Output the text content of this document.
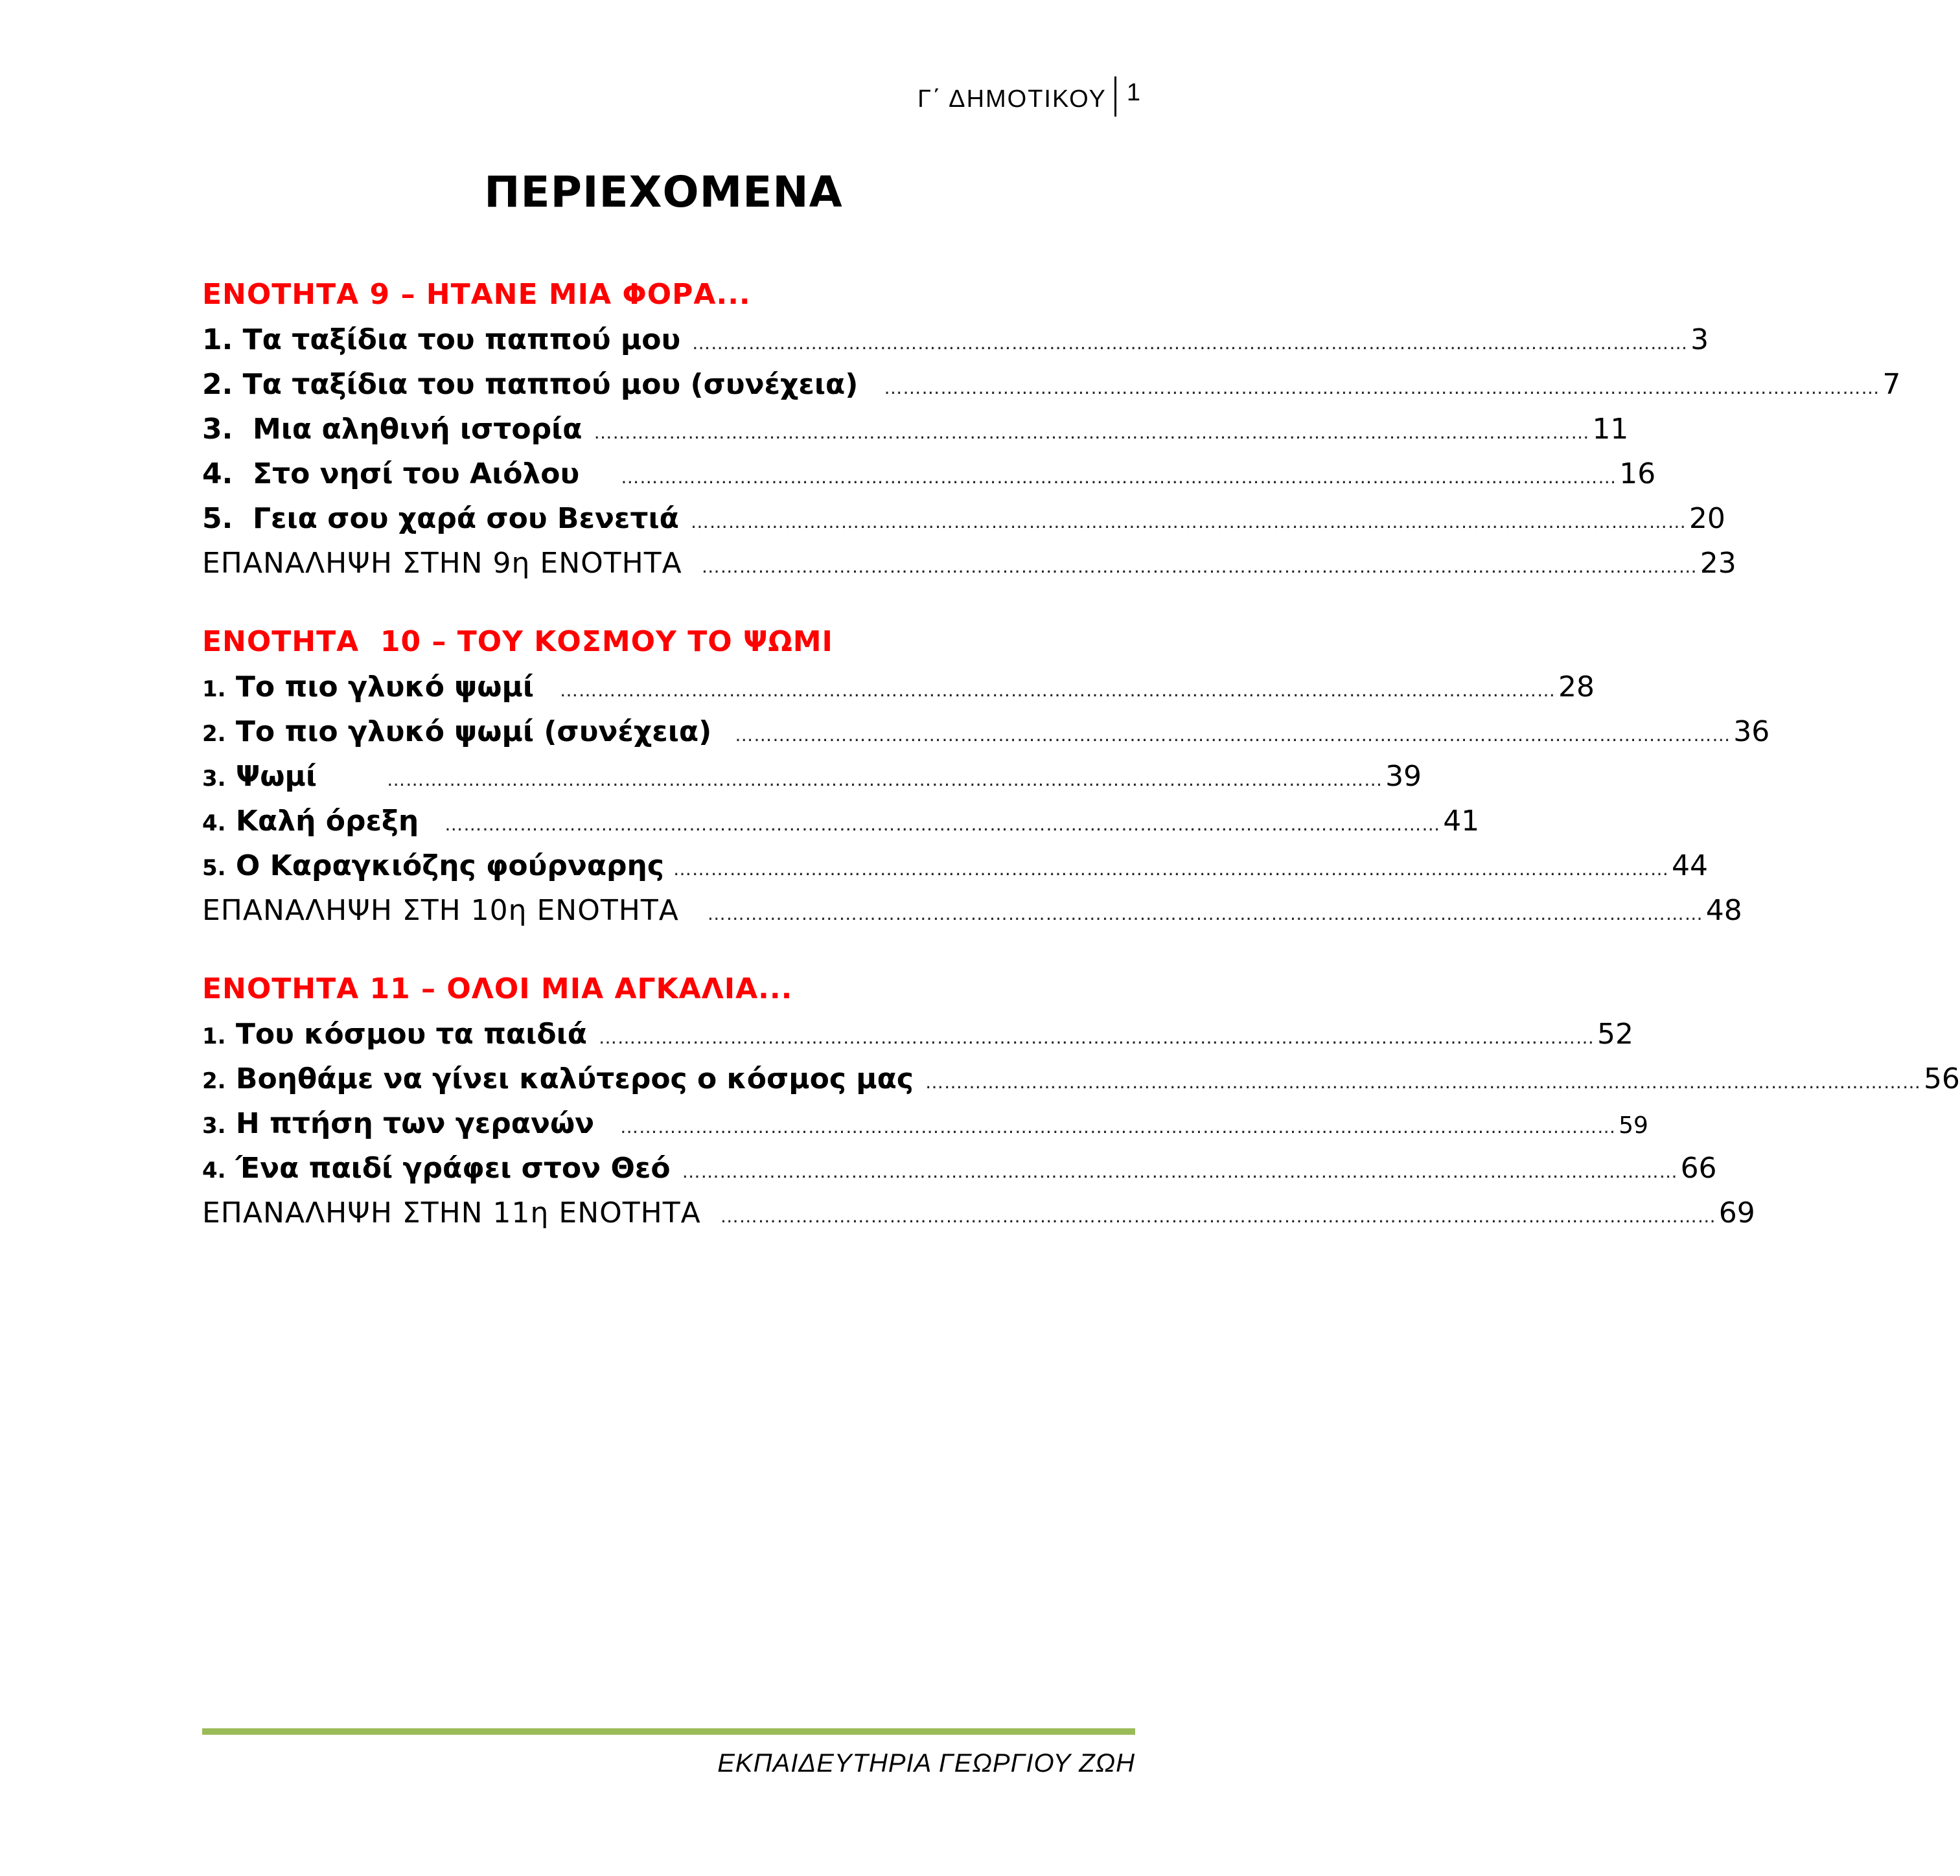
Γ΄ ΔΗΜΟΤΙΚΟΥ 1
ΠΕΡΙΕΧΟΜΕΝΑ
ΕΝΟΤΗΤΑ 9 – ΗΤΑΝΕ ΜΙΑ ΦΟΡΑ...
1.
Τα ταξίδια του παππού μου …………………………………………………………………………………………………………………………………………… 3
2.
Τα ταξίδια του παππού μου (συνέχεια) …………………………………………………………………………………………………………………………………………… 7
3.
Μια αληθινή ιστορία …………………………………………………………………………………………………………………………………………… 11
4.
Στο νησί του Αιόλου …………………………………………………………………………………………………………………………………………… 16
5.
Γεια σου χαρά σου Βενετιά …………………………………………………………………………………………………………………………………………… 20
ΕΠΑΝΑΛΗΨΗ ΣΤΗΝ 9η ΕΝΟΤΗΤΑ …………………………………………………………………………………………………………………………………………… 23
ΕΝΟΤΗΤΑ  10 – ΤΟΥ ΚΟΣΜΟΥ ΤΟ ΨΩΜΙ
1.
Το πιο γλυκό ψωμί …………………………………………………………………………………………………………………………………………… 28
2.
Το πιο γλυκό ψωμί (συνέχεια) …………………………………………………………………………………………………………………………………………… 36
3.
Ψωμί	…………………………………………………………………………………………………………………………………………… 39
4.
Καλή όρεξη …………………………………………………………………………………………………………………………………………… 41
5.
Ο Καραγκιόζης φούρναρης …………………………………………………………………………………………………………………………………………… 44
ΕΠΑΝΑΛΗΨΗ ΣΤΗ 10η ΕΝΟΤΗΤΑ …………………………………………………………………………………………………………………………………………… 48
ΕΝΟΤΗΤΑ 11 – ΟΛΟΙ ΜΙΑ ΑΓΚΑΛΙΑ...
1.
Του κόσμου τα παιδιά …………………………………………………………………………………………………………………………………………… 52
2.
Βοηθάμε να γίνει καλύτερος ο κόσμος μας …………………………………………………………………………………………………………………………………………… 56
3.
Η πτήση των γερανών …………………………………………………………………………………………………………………………………………… 59
4.
Ένα παιδί γράφει στον Θεό …………………………………………………………………………………………………………………………………………… 66
ΕΠΑΝΑΛΗΨΗ ΣΤΗΝ 11η ΕΝΟΤΗΤΑ …………………………………………………………………………………………………………………………………………… 69
ΕΚΠΑΙΔΕΥΤΗΡΙΑ ΓΕΩΡΓΙΟΥ ΖΩΗ
